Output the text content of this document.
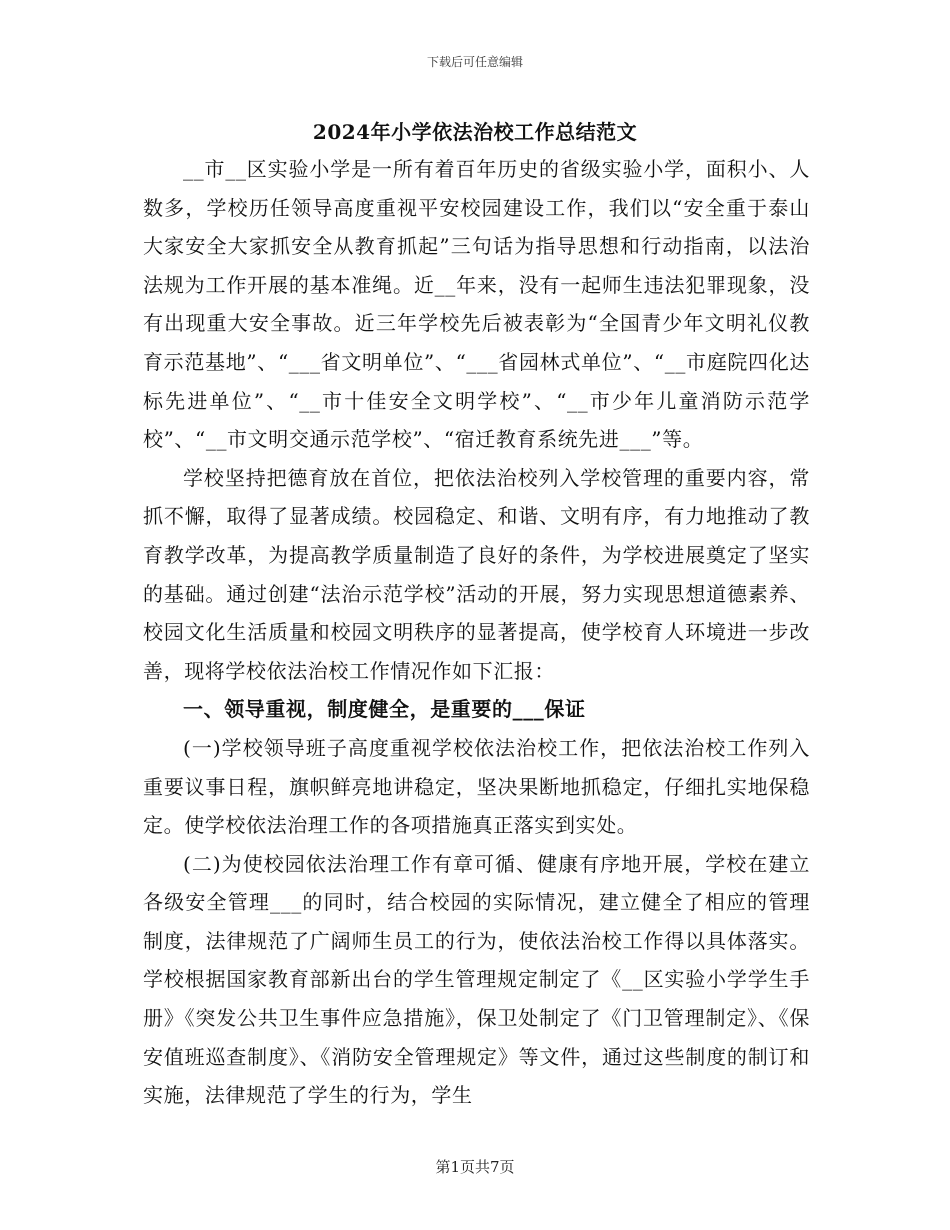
下载后可任意编辑
2024年小学依法治校工作总结范文

__市__区实验小学是一所有着百年历史的省级实验小学，面积小、人数多，学校历任领导高度重视平安校园建设工作，我们以“安全重于泰山大家安全大家抓安全从教育抓起”三句话为指导思想和行动指南，以法治法规为工作开展的基本准绳。近__年来，没有一起师生违法犯罪现象，没有出现重大安全事故。近三年学校先后被表彰为“全国青少年文明礼仪教育示范基地”、“___省文明单位”、“___省园林式单位”、“__市庭院四化达标先进单位”、“__市十佳安全文明学校”、“__市少年儿童消防示范学校”、“__市文明交通示范学校”、“宿迁教育系统先进___”等。

学校坚持把德育放在首位，把依法治校列入学校管理的重要内容，常抓不懈，取得了显著成绩。校园稳定、和谐、文明有序，有力地推动了教育教学改革，为提高教学质量制造了良好的条件，为学校进展奠定了坚实的基础。通过创建“法治示范学校”活动的开展，努力实现思想道德素养、校园文化生活质量和校园文明秩序的显著提高，使学校育人环境进一步改善，现将学校依法治校工作情况作如下汇报：

一、领导重视，制度健全，是重要的___保证

(一)学校领导班子高度重视学校依法治校工作，把依法治校工作列入重要议事日程，旗帜鲜亮地讲稳定，坚决果断地抓稳定，仔细扎实地保稳定。使学校依法治理工作的各项措施真正落实到实处。

(二)为使校园依法治理工作有章可循、健康有序地开展，学校在建立各级安全管理___的同时，结合校园的实际情况，建立健全了相应的管理制度，法律规范了广阔师生员工的行为，使依法治校工作得以具体落实。学校根据国家教育部新出台的学生管理规定制定了《__区实验小学学生手册》《突发公共卫生事件应急措施》，保卫处制定了《门卫管理制定》、《保安值班巡查制度》、《消防安全管理规定》等文件，通过这些制度的制订和实施，法律规范了学生的行为，学生

第1页共7页
